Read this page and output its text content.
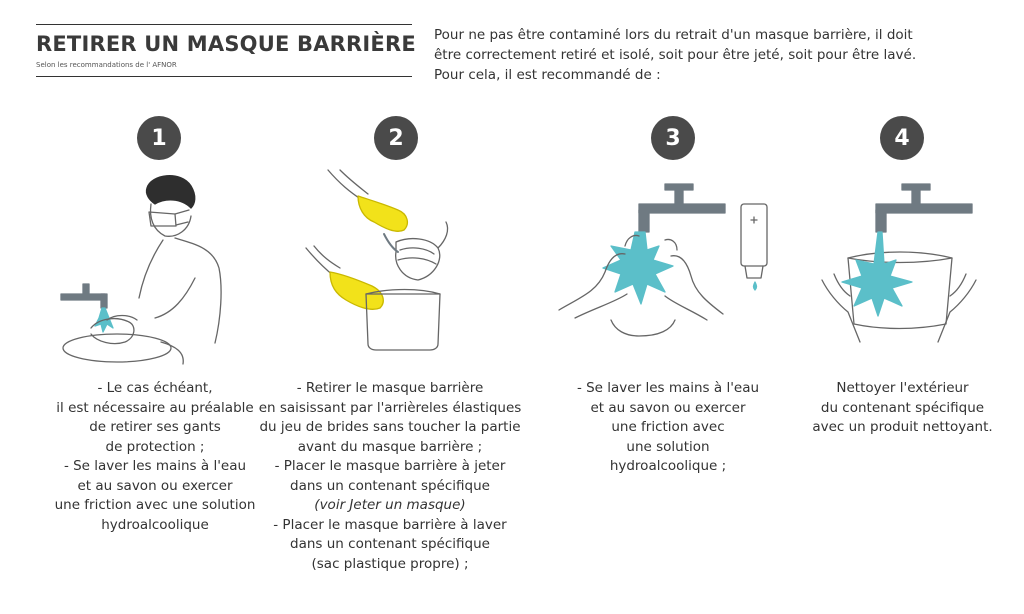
RETIRER UN MASQUE BARRIÈRE
Selon les recommandations de l' AFNOR
Pour ne pas être contaminé lors du retrait d'un masque barrière, il doit
être correctement retiré et isolé, soit pour être jeté, soit pour être lavé.
Pour cela, il est recommandé de :
1	2	3	4
- Le cas échéant,
il est nécessaire au préalable
de retirer ses gants
de protection ;
- Se laver les mains à l'eau
et au savon ou exercer
une friction avec une solution
hydroalcoolique
- Retirer le masque barrière
en saisissant par l'arrièreles élastiques
du jeu de brides sans toucher la partie
avant du masque barrière ;
- Placer le masque barrière à jeter
dans un contenant spécifique
(voir Jeter un masque)
- Placer le masque barrière à laver
dans un contenant spécifique
(sac plastique propre) ;
- Se laver les mains à l'eau
et au savon ou exercer
une friction avec
une solution
hydroalcoolique ;
Nettoyer l'extérieur
du contenant spécifique
avec un produit nettoyant.
